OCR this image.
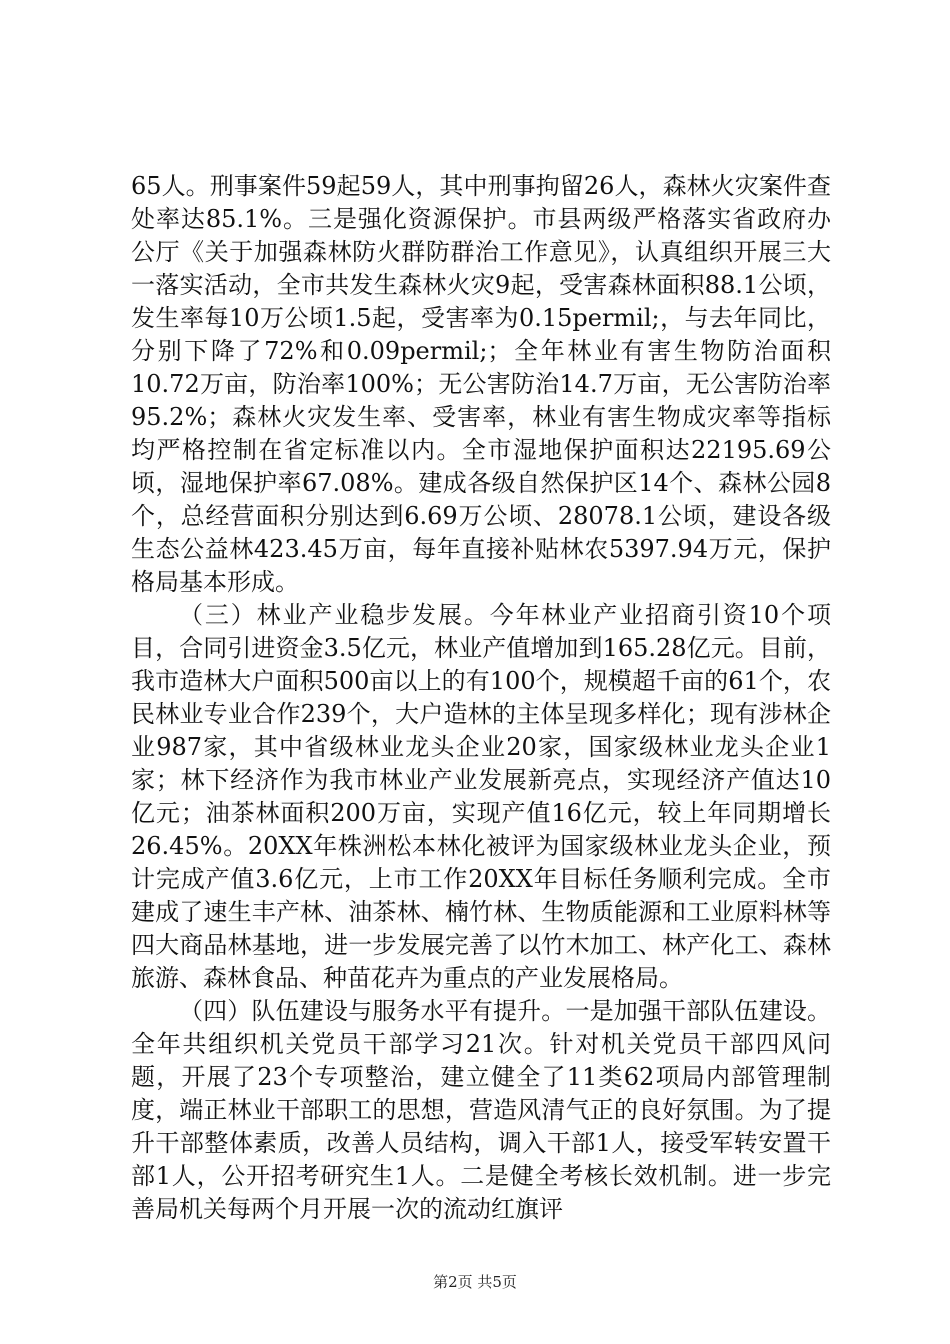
65人。刑事案件59起59人，其中刑事拘留26人，森林火灾案件查处率达85.1%。三是强化资源保护。市县两级严格落实省政府办公厅《关于加强森林防火群防群治工作意见》，认真组织开展三大一落实活动，全市共发生森林火灾9起，受害森林面积88.1公顷，发生率每10万公顷1.5起，受害率为0.15permil;，与去年同比，分别下降了72%和0.09permil;；全年林业有害生物防治面积10.72万亩，防治率100%；无公害防治14.7万亩，无公害防治率95.2%；森林火灾发生率、受害率，林业有害生物成灾率等指标均严格控制在省定标准以内。全市湿地保护面积达22195.69公顷，湿地保护率67.08%。建成各级自然保护区14个、森林公园8个，总经营面积分别达到6.69万公顷、28078.1公顷，建设各级生态公益林423.45万亩，每年直接补贴林农5397.94万元，保护格局基本形成。

（三）林业产业稳步发展。今年林业产业招商引资10个项目，合同引进资金3.5亿元，林业产值增加到165.28亿元。目前，我市造林大户面积500亩以上的有100个，规模超千亩的61个，农民林业专业合作239个，大户造林的主体呈现多样化；现有涉林企业987家，其中省级林业龙头企业20家，国家级林业龙头企业1家；林下经济作为我市林业产业发展新亮点，实现经济产值达10亿元；油茶林面积200万亩，实现产值16亿元，较上年同期增长26.45%。20XX年株洲松本林化被评为国家级林业龙头企业，预计完成产值3.6亿元，上市工作20XX年目标任务顺利完成。全市建成了速生丰产林、油茶林、楠竹林、生物质能源和工业原料林等四大商品林基地，进一步发展完善了以竹木加工、林产化工、森林旅游、森林食品、种苗花卉为重点的产业发展格局。

（四）队伍建设与服务水平有提升。一是加强干部队伍建设。全年共组织机关党员干部学习21次。针对机关党员干部四风问题，开展了23个专项整治，建立健全了11类62项局内部管理制度，端正林业干部职工的思想，营造风清气正的良好氛围。为了提升干部整体素质，改善人员结构，调入干部1人，接受军转安置干部1人，公开招考研究生1人。二是健全考核长效机制。进一步完善局机关每两个月开展一次的流动红旗评

第2页 共5页
